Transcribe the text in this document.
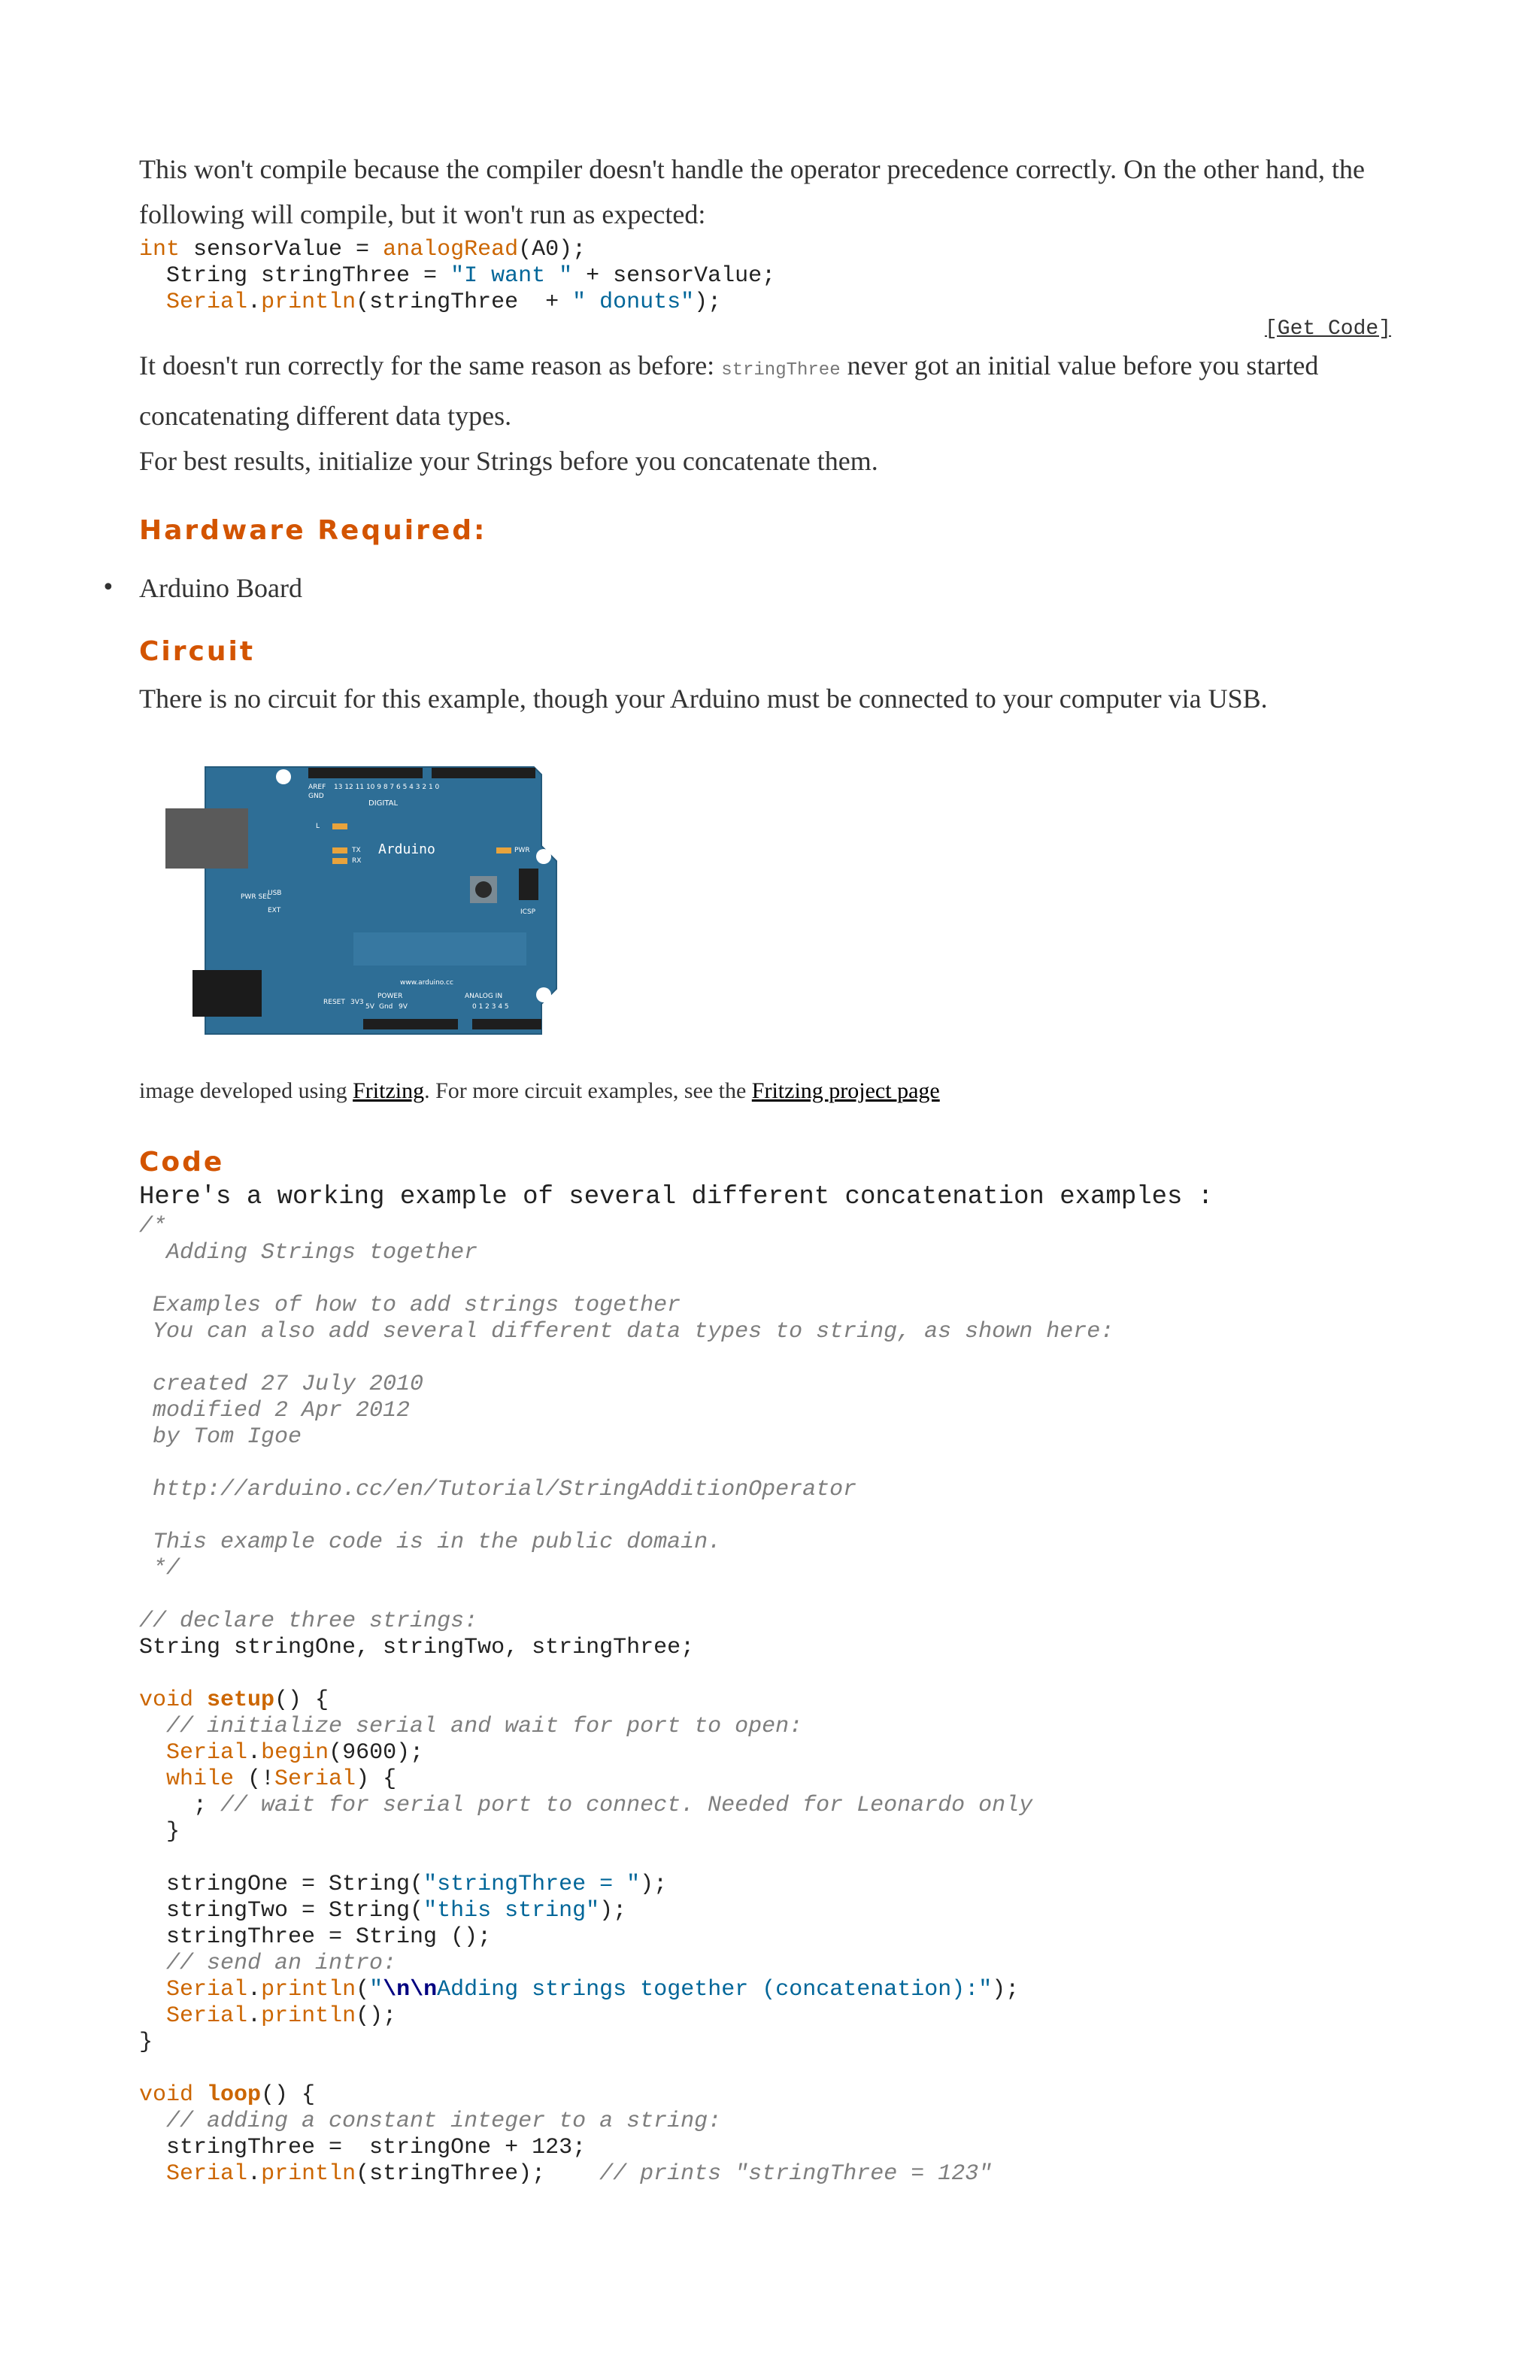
This won't compile because the compiler doesn't handle the operator precedence correctly. On the other hand, the following will compile, but it won't run as expected:

int sensorValue = analogRead(A0);
String stringThree = "I want " + sensorValue;
Serial.println(stringThree  + " donuts");

[Get Code]

It doesn't run correctly for the same reason as before: stringThree never got an initial value before you started concatenating different data types.

For best results, initialize your Strings before you concatenate them.

Hardware Required:
• Arduino Board
Circuit

There is no circuit for this example, though your Arduino must be connected to your computer via USB.

image developed using Fritzing. For more circuit examples, see the Fritzing project page

Code

Here's a working example of several different concatenation examples :

/*
Adding Strings together

Examples of how to add strings together
You can also add several different data types to string, as shown here:

created 27 July 2010
modified 2 Apr 2012
by Tom Igoe

http://arduino.cc/en/Tutorial/StringAdditionOperator

This example code is in the public domain.
*/

// declare three strings:
String stringOne, stringTwo, stringThree;

void setup() {
// initialize serial and wait for port to open:
Serial.begin(9600);
while (!Serial) {
; // wait for serial port to connect. Needed for Leonardo only
}

stringOne = String("stringThree = ");
stringTwo = String("this string");
stringThree = String ();
// send an intro:
Serial.println("\n\nAdding strings together (concatenation):");
Serial.println();
}

void loop() {
// adding a constant integer to a string:
stringThree =  stringOne + 123;
Serial.println(stringThree);    // prints "stringThree = 123"
Arduino
DIGITAL
AREF
GND
13 12 11 10 9 8 7 6 5 4 3 2 1 0
L
TX
RX
PWR
ICSP
PWR SEL
USB
EXT
www.arduino.cc
RESET 3V3
POWER
5V Gnd 9V
ANALOG IN
0 1 2 3 4 5
